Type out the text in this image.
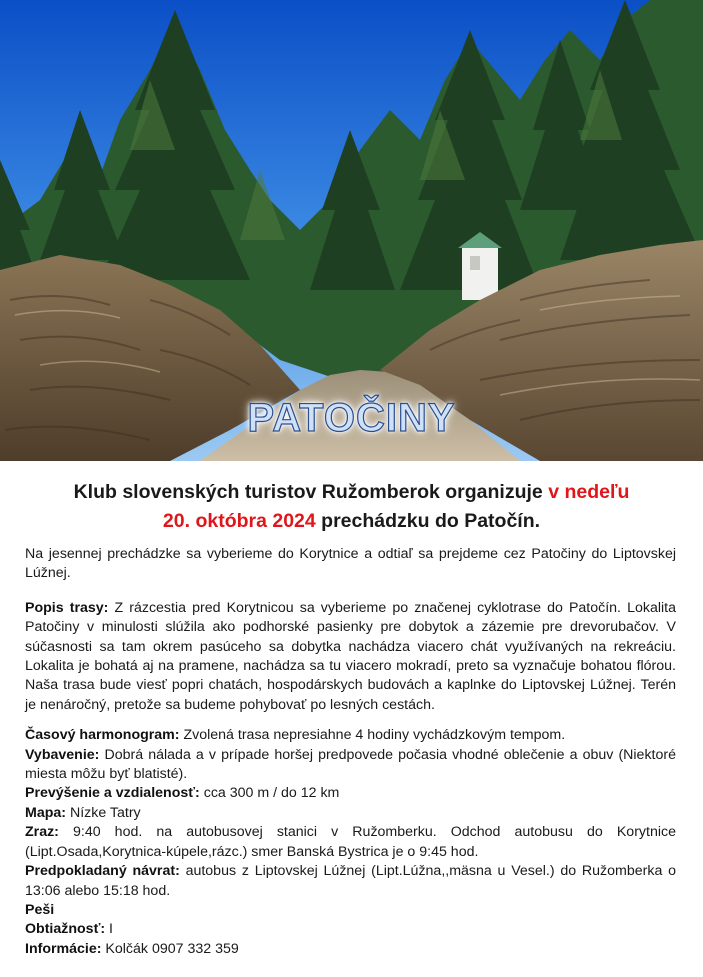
PATOČINY
Klub slovenských turistov Ružomberok organizuje v nedeľu
20. októbra 2024 prechádzku do Patočín.

Na jesennej prechádzke sa vyberieme do Korytnice a odtiaľ sa prejdeme cez Patočiny do Liptovskej Lúžnej.

Popis trasy: Z rázcestia pred Korytnicou sa vyberieme po značenej cyklotrase do Patočín. Lokalita Patočiny v minulosti slúžila ako podhorské pasienky pre dobytok a zázemie pre drevorubačov. V súčasnosti sa tam okrem pasúceho sa dobytka nachádza viacero chát využívaných na rekreáciu. Lokalita je bohatá aj na pramene, nachádza sa tu viacero mokradí, preto sa vyznačuje bohatou flórou. Naša trasa bude viesť popri chatách, hospodárskych budovách a kaplnke do Liptovskej Lúžnej. Terén je nenáročný, pretože sa budeme pohybovať po lesných cestách.

Časový harmonogram: Zvolená trasa nepresiahne 4 hodiny vychádzkovým tempom.

Vybavenie: Dobrá nálada a v prípade horšej predpovede počasia vhodné oblečenie a obuv (Niektoré miesta môžu byť blatisté).

Prevýšenie a vzdialenosť: cca 300 m / do 12 km

Mapa: Nízke Tatry

Zraz: 9:40 hod. na autobusovej stanici v Ružomberku. Odchod autobusu do Korytnice (Lipt.Osada,Korytnica-kúpele,rázc.) smer Banská Bystrica je o 9:45 hod.

Predpokladaný návrat: autobus z Liptovskej Lúžnej (Lipt.Lúžna,,mäsna u Vesel.) do Ružomberka o 13:06 alebo 15:18 hod.

Peši

Obtiažnosť: I

Informácie: Kolčák 0907 332 359
